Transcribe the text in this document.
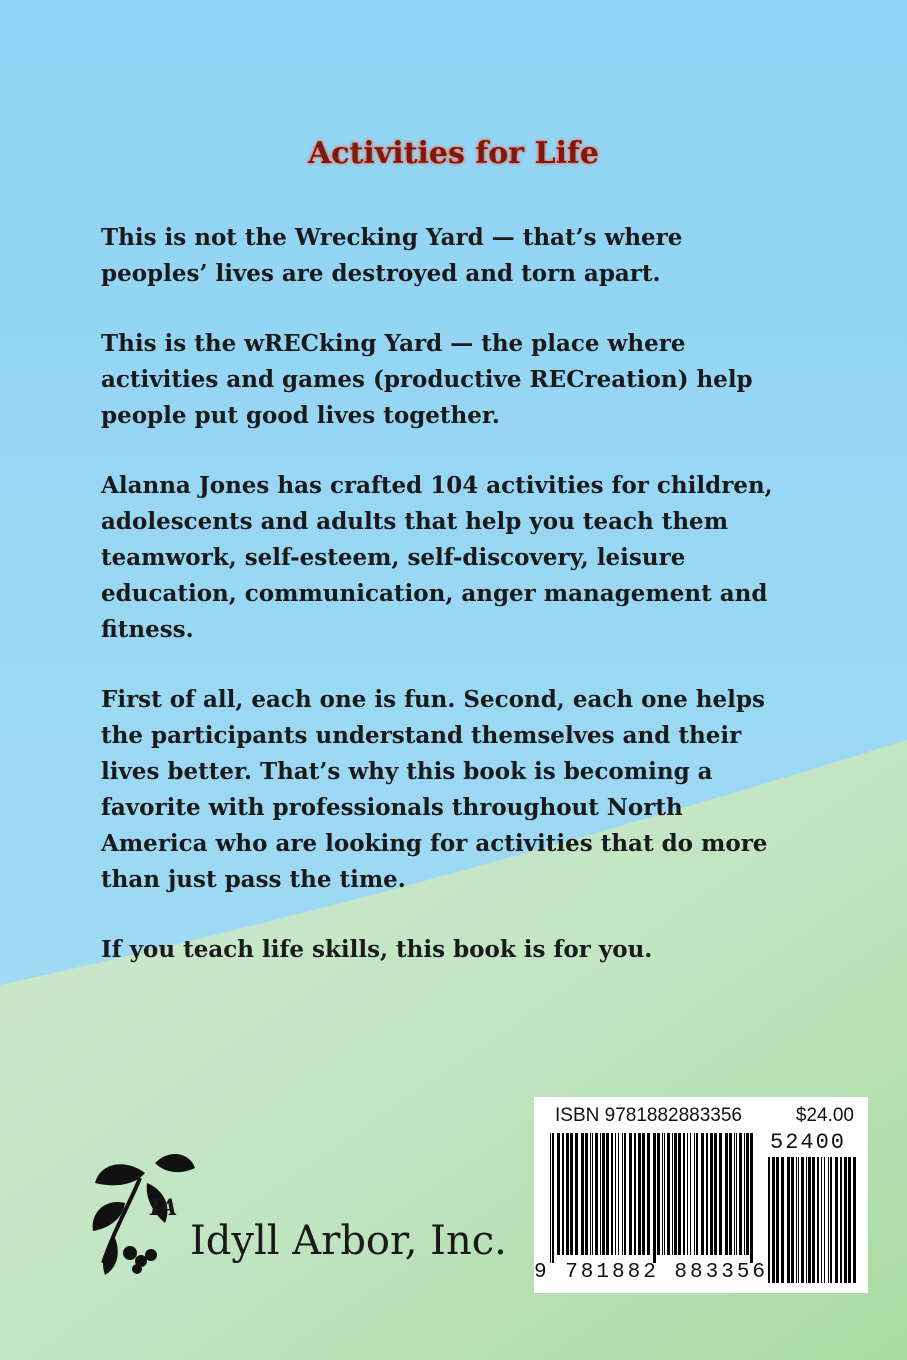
Activities for Life

This is not the Wrecking Yard — that’s where peoples’ lives are destroyed and torn apart.

This is the wRECking Yard — the place where activities and games (productive RECreation) help people put good lives together.

Alanna Jones has crafted 104 activities for children, adolescents and adults that help you teach them teamwork, self-esteem, self-discovery, leisure education, communication, anger management and fitness.

First of all, each one is fun. Second, each one helps the participants understand themselves and their lives better. That’s why this book is becoming a favorite with professionals throughout North America who are looking for activities that do more than just pass the time.

If you teach life skills, this book is for you.

ISBN 9781882883356	$24.00
52400
9 781882 883356
IA
Idyll Arbor, Inc.
